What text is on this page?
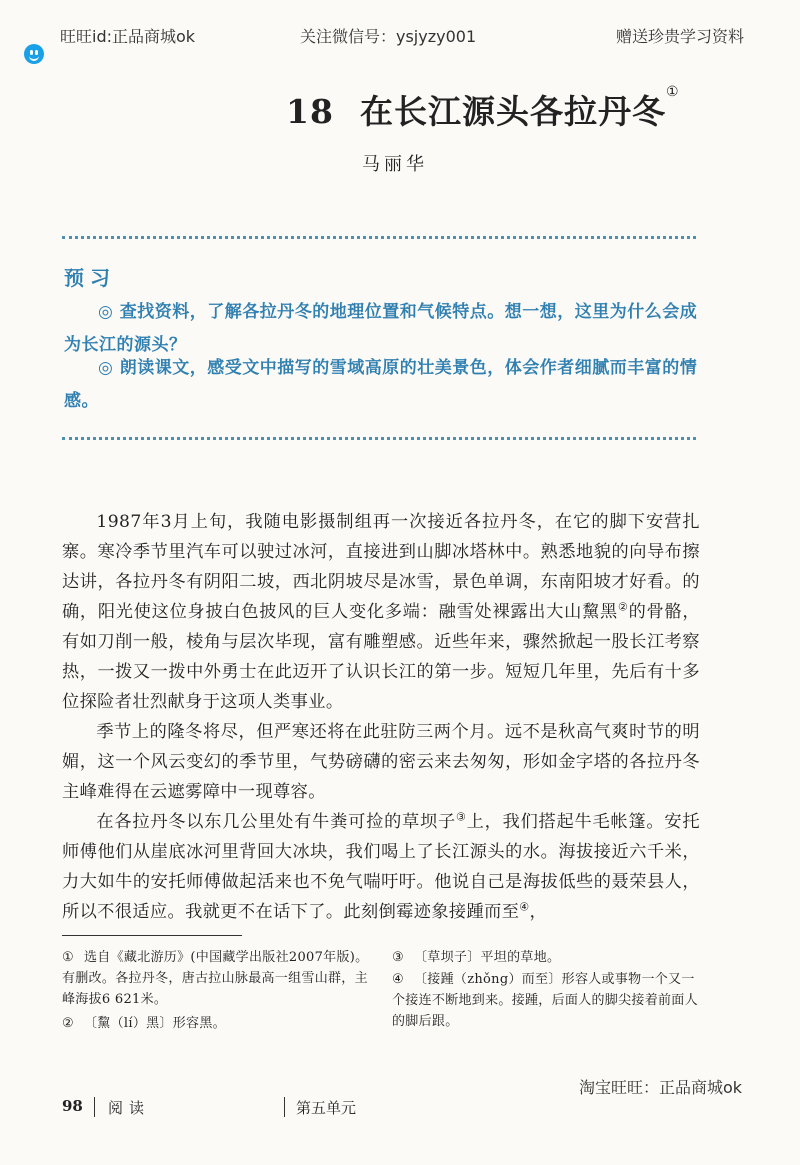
旺旺id:正品商城ok	关注微信号：ysjyzy001	赠送珍贵学习资料
18 在长江源头各拉丹冬①
马丽华
预习
◎ 查找资料，了解各拉丹冬的地理位置和气候特点。想一想，这里为什么会成为长江的源头？
◎ 朗读课文，感受文中描写的雪域高原的壮美景色，体会作者细腻而丰富的情感。

1987年3月上旬，我随电影摄制组再一次接近各拉丹冬，在它的脚下安营扎寨。寒冷季节里汽车可以驶过冰河，直接进到山脚冰塔林中。熟悉地貌的向导布擦达讲，各拉丹冬有阴阳二坡，西北阴坡尽是冰雪，景色单调，东南阳坡才好看。的确，阳光使这位身披白色披风的巨人变化多端：融雪处裸露出大山黧黑②的骨骼，有如刀削一般，棱角与层次毕现，富有雕塑感。近些年来，骤然掀起一股长江考察热，一拨又一拨中外勇士在此迈开了认识长江的第一步。短短几年里，先后有十多位探险者壮烈献身于这项人类事业。

季节上的隆冬将尽，但严寒还将在此驻防三两个月。远不是秋高气爽时节的明媚，这一个风云变幻的季节里，气势磅礴的密云来去匆匆，形如金字塔的各拉丹冬主峰难得在云遮雾障中一现尊容。

在各拉丹冬以东几公里处有牛粪可捡的草坝子③上，我们搭起牛毛帐篷。安托师傅他们从崖底冰河里背回大冰块，我们喝上了长江源头的水。海拔接近六千米，力大如牛的安托师傅做起活来也不免气喘吁吁。他说自己是海拔低些的聂荣县人，所以不很适应。我就更不在话下了。此刻倒霉迹象接踵而至④，

① 选自《藏北游历》(中国藏学出版社2007年版)。有删改。各拉丹冬，唐古拉山脉最高一组雪山群，主峰海拔6 621米。
② 〔黧（lí）黑〕形容黑。
③ 〔草坝子〕平坦的草地。
④ 〔接踵（zhǒng）而至〕形容人或事物一个又一个接连不断地到来。接踵，后面人的脚尖接着前面人的脚后跟。
淘宝旺旺：正品商城ok
98 阅读	第五单元
